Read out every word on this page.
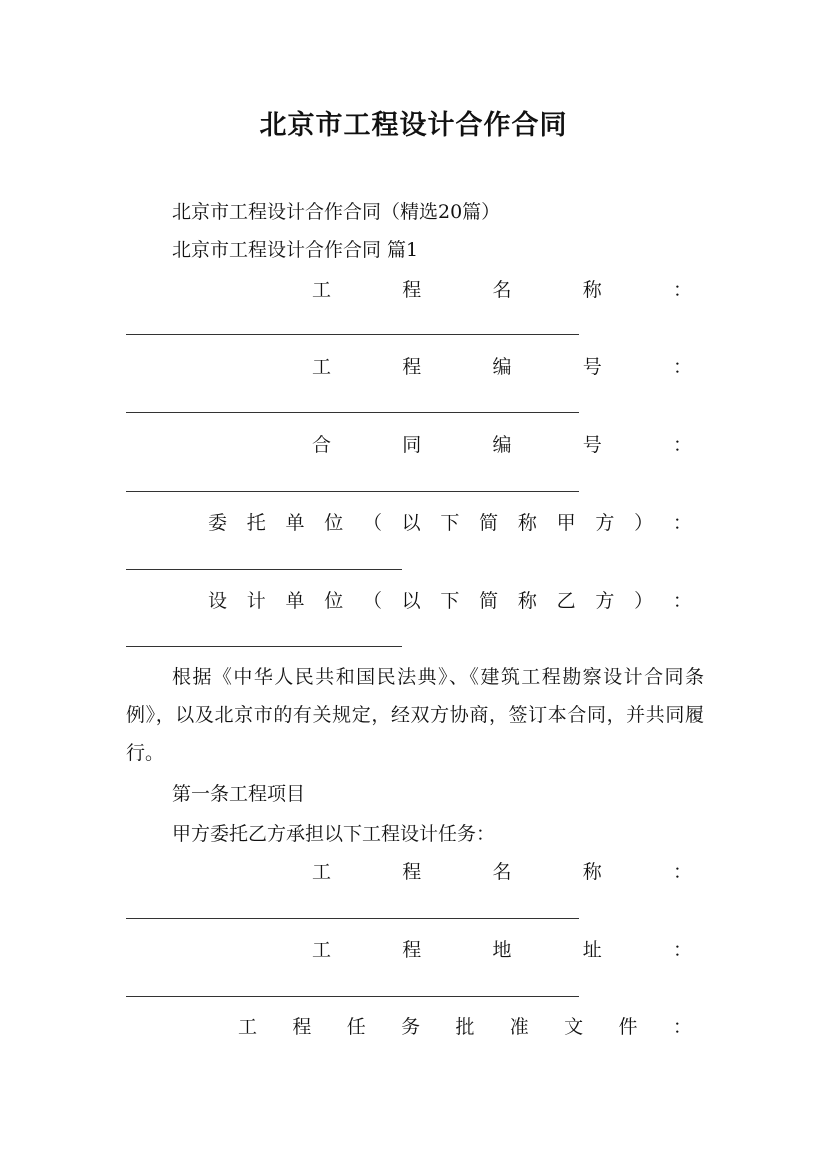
北京市工程设计合作合同
北京市工程设计合作合同（精选20篇）
北京市工程设计合作合同 篇1
工	程	名	称	：
工	程	编	号	：
合	同	编	号	：
委 托 单 位 （ 以 下 简 称 甲 方 ） ：
设 计 单 位 （ 以 下 简 称 乙 方 ） ：
根据《中华人民共和国民法典》、《建筑工程勘察设计合同条例》，以及北京市的有关规定，经双方协商，签订本合同，并共同履行。
第一条工程项目
甲方委托乙方承担以下工程设计任务：
工	程	名	称	：
工	程	地	址	：
工 程 任 务 批 准 文 件 ：
